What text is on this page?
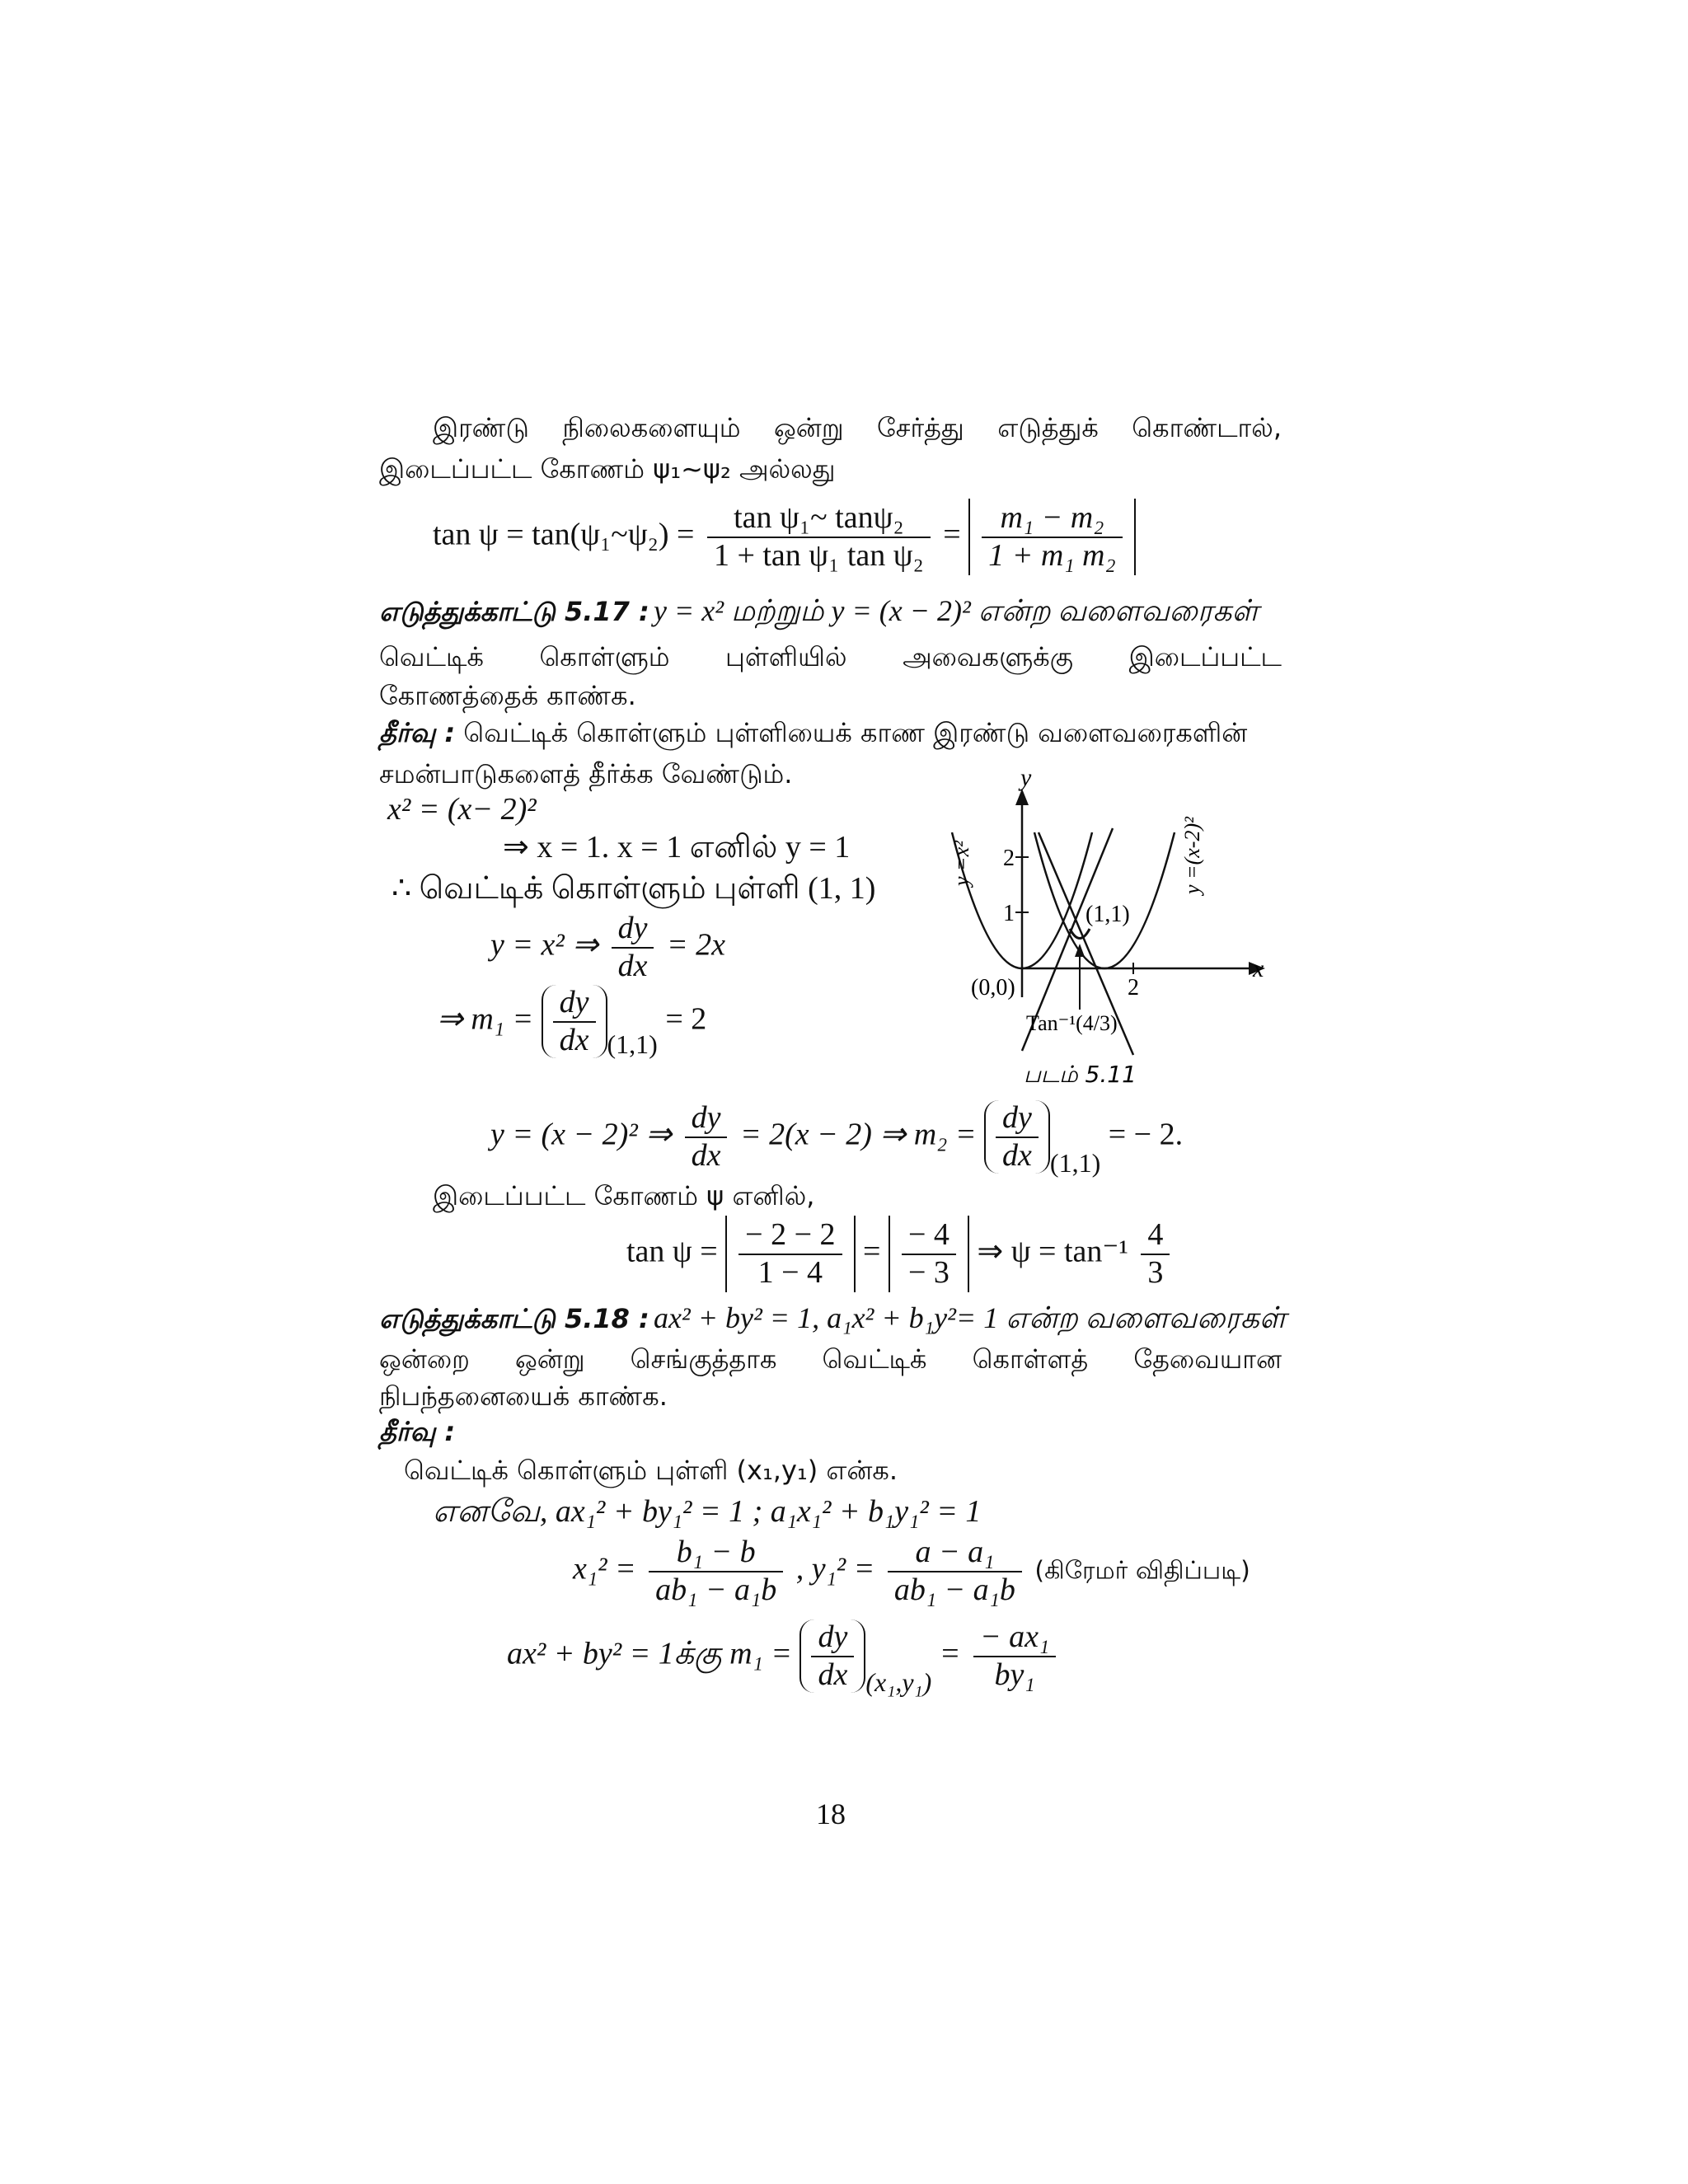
இரண்டு நிலைகளையும் ஒன்று சேர்த்து எடுத்துக் கொண்டால்,
இடைப்பட்ட கோணம் ψ₁~ψ₂ அல்லது
tan ψ = tan(ψ₁~ψ₂) = $\frac{\text{tan ψ₁\textasciitilde{} tanψ₂}}{\text{1 + tan ψ₁ tan ψ₂}} = \frac{\text{m₁ − m₂}}{\text{1 + m₁ m₂}}$
எடுத்துக்காட்டு 5.17 : y = x² மற்றும் y = (x − 2)² என்ற வளைவரைகள்
வெட்டிக் கொள்ளும் புள்ளியில் அவைகளுக்கு இடைப்பட்ட
கோணத்தைக் காண்க.
தீர்வு : வெட்டிக் கொள்ளும் புள்ளியைக் காண இரண்டு வளைவரைகளின்
சமன்பாடுகளைத் தீர்க்க வேண்டும்.
x² = (x− 2)²
⇒ x = 1. x = 1 எனில் y = 1
∴ வெட்டிக் கொள்ளும் புள்ளி (1, 1)
y = x² ⇒ $\frac{dy}{dx} = 2x$
⇒ $m_1 = \frac{dy}{dx} (1,1) = 2$
y
x
2
1
2
(0,0)
(1,1)
Tan⁻¹(4/3)
y =x²	y =(x-2)²
படம் 5.11
y = (x − 2)² ⇒ $\frac{dy}{dx} = 2(x - 2)$ ⇒ $m_2 = \frac{dy}{dx} (1,1)$ = − 2.
இடைப்பட்ட கோணம் ψ எனில்,
$\tan \psi = \frac{- 2 - 2}{1 - 4} = \frac{- 4}{- 3}$ ⇒ $\psi = \tan^{-1} \frac{4}{3}$
எடுத்துக்காட்டு 5.18 : ax² + by² = 1, a₁x² + b₁y²= 1 என்ற வளைவரைகள்
ஒன்றை ஒன்று செங்குத்தாக வெட்டிக் கொள்ளத் தேவையான
நிபந்தனையைக் காண்க.
தீர்வு :
வெட்டிக் கொள்ளும் புள்ளி (x₁,y₁) என்க.
எனவே, ax₁² + by₁² = 1 ; a₁x₁² + b₁y₁² = 1
$x_1^2 = \frac{\text{b₁ − b}}{\text{ab₁ − a₁b}}$ , $y_1^2 = \frac{\text{a − a₁}}{\text{ab₁ − a₁b}}$ (கிரேமர் விதிப்படி)
ax² + by² = 1க்கு $m_1 = \frac{dy}{dx} (x_1,y_1) = \frac{\text{− ax₁}}{\text{by₁}}$
18
